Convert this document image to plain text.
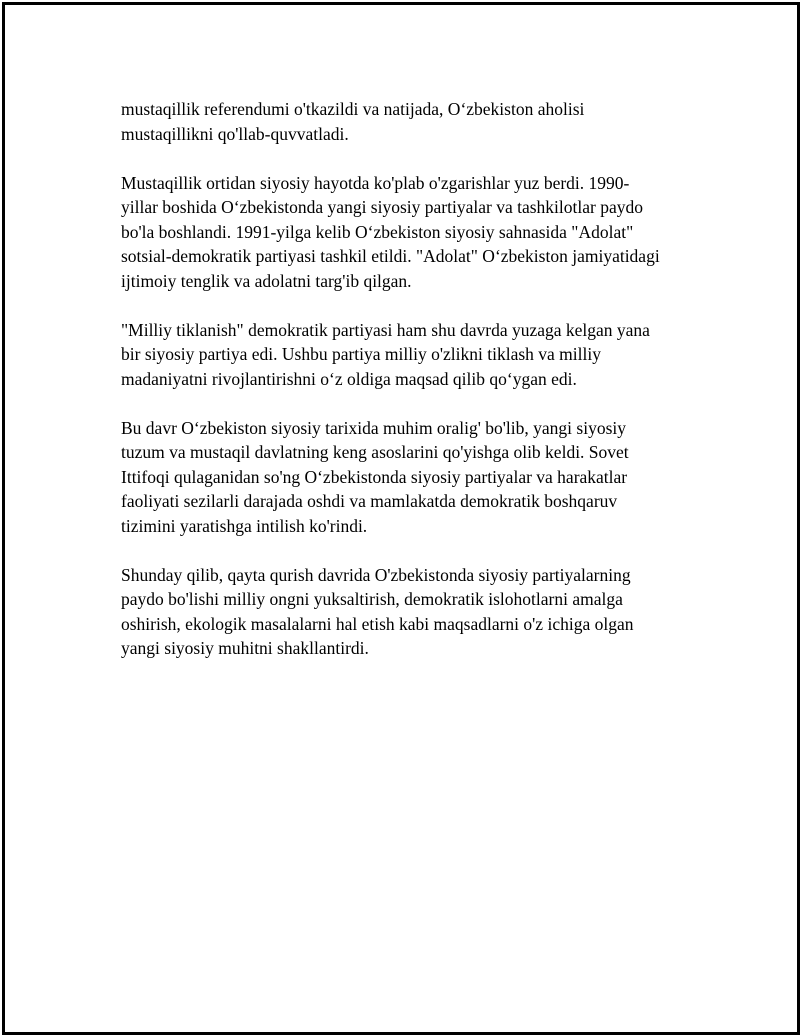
mustaqillik referendumi o'tkazildi va natijada, O‘zbekiston aholisi
mustaqillikni qo'llab-quvvatladi.

Mustaqillik ortidan siyosiy hayotda ko'plab o'zgarishlar yuz berdi. 1990-
yillar boshida O‘zbekistonda yangi siyosiy partiyalar va tashkilotlar paydo
bo'la boshlandi. 1991-yilga kelib O‘zbekiston siyosiy sahnasida "Adolat"
sotsial-demokratik partiyasi tashkil etildi. "Adolat" O‘zbekiston jamiyatidagi
ijtimoiy tenglik va adolatni targ'ib qilgan.

"Milliy tiklanish" demokratik partiyasi ham shu davrda yuzaga kelgan yana
bir siyosiy partiya edi. Ushbu partiya milliy o'zlikni tiklash va milliy
madaniyatni rivojlantirishni o‘z oldiga maqsad qilib qo‘ygan edi.

Bu davr O‘zbekiston siyosiy tarixida muhim oralig' bo'lib, yangi siyosiy
tuzum va mustaqil davlatning keng asoslarini qo'yishga olib keldi. Sovet
Ittifoqi qulaganidan so'ng O‘zbekistonda siyosiy partiyalar va harakatlar
faoliyati sezilarli darajada oshdi va mamlakatda demokratik boshqaruv
tizimini yaratishga intilish ko'rindi.

Shunday qilib, qayta qurish davrida O'zbekistonda siyosiy partiyalarning
paydo bo'lishi milliy ongni yuksaltirish, demokratik islohotlarni amalga
oshirish, ekologik masalalarni hal etish kabi maqsadlarni o'z ichiga olgan
yangi siyosiy muhitni shakllantirdi.
